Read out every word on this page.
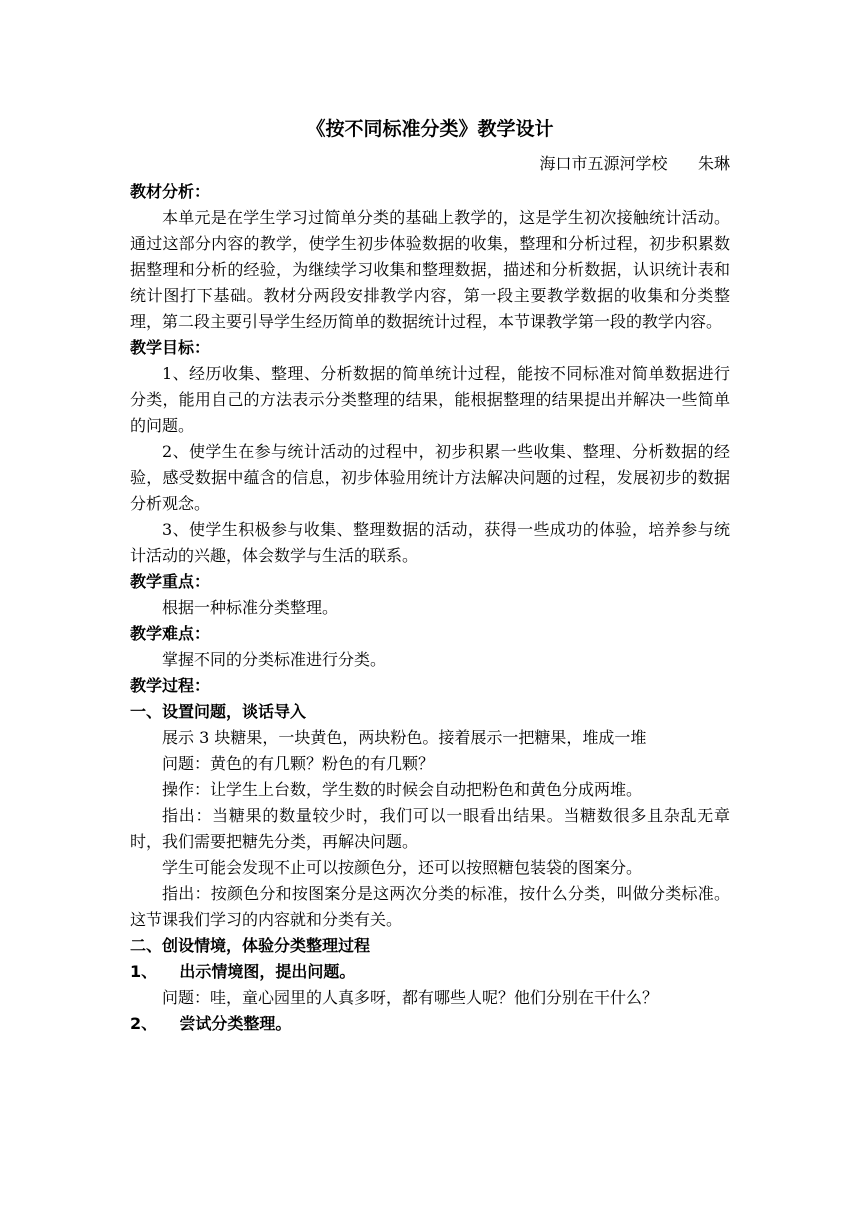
《按不同标准分类》教学设计
海口市五源河学校      朱琳

教材分析：

本单元是在学生学习过简单分类的基础上教学的，这是学生初次接触统计活动。通过这部分内容的教学，使学生初步体验数据的收集，整理和分析过程，初步积累数据整理和分析的经验，为继续学习收集和整理数据，描述和分析数据，认识统计表和统计图打下基础。教材分两段安排教学内容，第一段主要教学数据的收集和分类整理，第二段主要引导学生经历简单的数据统计过程，本节课教学第一段的教学内容。

教学目标：

1、经历收集、整理、分析数据的简单统计过程，能按不同标准对简单数据进行分类，能用自己的方法表示分类整理的结果，能根据整理的结果提出并解决一些简单的问题。

2、使学生在参与统计活动的过程中，初步积累一些收集、整理、分析数据的经验，感受数据中蕴含的信息，初步体验用统计方法解决问题的过程，发展初步的数据分析观念。

3、使学生积极参与收集、整理数据的活动，获得一些成功的体验，培养参与统计活动的兴趣，体会数学与生活的联系。

教学重点：

根据一种标准分类整理。

教学难点：

掌握不同的分类标准进行分类。

教学过程：

一、设置问题，谈话导入

展示 3 块糖果，一块黄色，两块粉色。接着展示一把糖果，堆成一堆

问题：黄色的有几颗？粉色的有几颗？

操作：让学生上台数，学生数的时候会自动把粉色和黄色分成两堆。

指出：当糖果的数量较少时，我们可以一眼看出结果。当糖数很多且杂乱无章时，我们需要把糖先分类，再解决问题。

学生可能会发现不止可以按颜色分，还可以按照糖包装袋的图案分。

指出：按颜色分和按图案分是这两次分类的标准，按什么分类，叫做分类标准。这节课我们学习的内容就和分类有关。

二、创设情境，体验分类整理过程

1、    出示情境图，提出问题。

问题：哇，童心园里的人真多呀，都有哪些人呢？他们分别在干什么？

2、    尝试分类整理。
